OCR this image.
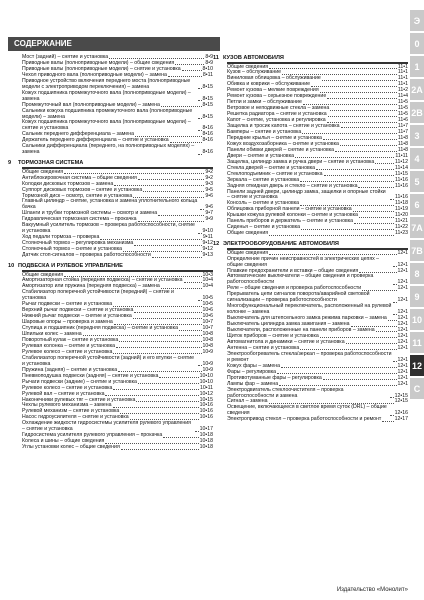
СОДЕРЖАНИЕ
Мост (задний) – снятие и установка	8•9
Приводные валы (полноприводные модели) – общие сведения	8•9
Приводные валы (полноприводные модели) – снятие и установка	8•10
Чехол приводного вала (полноприводные модели) – замена	8•11
Приводное устройство включения переднего моста (полноприводные модели с электроприводом переключения) – замена	8•15
Кожух подшипника промежуточного вала (полноприводные модели) – замена	8•15
Промежуточный вал (полноприводные модели) – замена	8•15
Сальники кожуха подшипника промежуточного вала (полноприводные модели) – замена	8•15
Кожух подшипника промежуточного вала (полноприводные модели) – снятие и установка	8•16
Сальник переднего дифференциала – замена	8•16
Держатель переднего дифференциала – снятие и установка	8•16
Сальники дифференциала (переднего, на полноприводных моделях) – замена	8•16
9	ТОРМОЗНАЯ СИСТЕМА
Общие сведения	9•2
Антиблокировочная система – общие сведения	9•2
Колодки дисковых тормозов – замена	9•3
Суппорт дисковых тормозов – снятие и установка	9•5
Тормозной диск – осмотр, снятие и установка	9•6
Главный цилиндр – снятие, установка и замена уплотнительного кольца бачка	9•6
Шланги и трубки тормозной системы – осмотр и замена	9•7
Гидравлическая тормозная система – прокачка	9•9
Вакуумный усилитель тормозов – проверка работоспособности, снятие и установка	9•10
Ход педали тормоза – проверка	9•11
Стояночный тормоз – регулировка механизма	9•12
Стояночный тормоз – снятие и установка	9•12
Датчик стоп-сигналов – проверка работоспособности	9•13
10 ПОДВЕСКА И РУЛЕВОЕ УПРАВЛЕНИЕ
Общие сведения	10•3
Амортизаторная стойка (передняя подвеска) – снятие и установка	10•4
Амортизатор или пружина (передняя подвеска) – замена	10•4
Стабилизатор поперечной устойчивости (передний) – снятие и установка	10•5
Рычаг подвески – снятие и установка	10•5
Верхний рычаг подвески – снятие и установка	10•6
Нижний рычаг подвески – снятие и установка	10•6
Шаровые опоры – проверка и замена	10•7
Ступица и подшипник (передняя подвеска) – снятие и установка	10•7
Шпильки колес – замена	10•8
Поворотный кулак – снятие и установка	10•8
Рулевая колонка – снятие и установка	10•8
Рулевое колесо – снятие и установка	10•9
Стабилизатор поперечной устойчивости (задний) и его втулки – снятие и установка	10•9
Пружина (задняя) – снятие и установка	10•9
Пневмоподушка подвески (задняя) – снятие и установка	10•10
Рычаги подвески (задние) – снятие и установка	10•10
Рулевое колесо – снятие и установка	10•11
Рулевой вал – снятие и установка	10•12
Наконечники рулевых тяг – снятие и установка	10•15
Чехлы рулевого механизма – замена	10•16
Рулевой механизм – снятие и установка	10•16
Насос гидроусилителя – снятие и установка	10•16
Охлаждение жидкости гидросистемы усилителя рулевого управления – снятие и установка	10•17
Гидросистема усилителя рулевого управления – прокачка	10•18
Колеса и шины – общие сведения	10•18
Углы установки колес – общие сведения	10•18
11 КУЗОВ АВТОМОБИЛЯ
Общие сведения	11•1
Кузов – обслуживание	11•1
Виниловая облицовка – обслуживание	11•1
Обивка и коврики – обслуживание	11•1
Ремонт кузова – мелкие повреждения	11•2
Ремонт кузова – серьезное повреждение	11•4
Петли и замки – обслуживание	11•5
Ветровое и неподвижные стекла – замена	11•5
Решетка радиатора – снятие и установка	11•5
Капот – снятие, установка и регулировка	11•6
Защелка и тросик капота – снятие и установка	11•7
Бамперы – снятие и установка	11•7
Передние крылья – снятие и установка	11•8
Кожух воздухозаборника – снятие и установка	11•8
Панели обивки дверей – снятие и установка	11•8
Двери – снятие и установка	11•11
Защелка, цилиндр замка и ручка двери – снятие и установка	11•12
Стекла дверей – снятие и установка	11•14
Стеклоподъемник – снятие и установка	11•15
Зеркала – снятие и установка	11•16
Задняя откидная дверь и стекло – снятие и установка	11•16
Панели задней двери, цилиндр замка, защелки и опорные стойки – снятие и установка	11•16
Консоль – снятие и установка	11•18
Облицовка приборной панели – снятие и установка	11•19
Крышки кожуха рулевой колонки – снятие и установка	11•20
Панель приборов и держатель – снятие и установка	11•21
Сиденья – снятие и установка	11•22
Общие сведения	11•23
12 ЭЛЕКТРООБОРУДОВАНИЕ АВТОМОБИЛЯ
Общие сведения	12•1
Определение причин неисправностей в электрических цепях – общие сведения	12•1
Плавкие предохранители и вставки – общие сведения	12•1
Автоматические выключатели – общие сведения и проверка работоспособности	12•1
Реле – общие сведения и проверка работоспособности	12•1
Прерыватель цепи сигналов поворота/аварийной световой сигнализации – проверка работоспособности	12•1
Многофункциональный переключатель, расположенный на рулевой колонке – замена	12•1
Выключатель для штепсельного замка режима парковки – замена 12•1
Выключатель цилиндра замка зажигания – замена	12•1
Выключатели, расположенные на панели приборов – замена	12•1
Щиток приборов – снятие и установка	12•1
Автомагнитола и динамики – снятие и установка	12•1
Антенна – снятие и установка	12•1
Электрообогреватель стекла/зеркал – проверка работоспособности и ремонт	12•1
Кожух фары – замена	12•1
Фары – регулировка	12•1
Противотуманные фары – регулировка	12•1
Лампы фар – замена	12•1
Электродвигатель стеклоочистителя – проверка работоспособности и замена	12•15
Сигнал – замена	12•15
Освещение, включающееся в светлое время суток (DRL) – общие сведения	12•16
Электропривод стекол – проверка работоспособности и ремонт	12•17
Э
0
1
2A
2B
3
4
5
6
7A
7B
8
9
10
11
12
C
Издательство «Монолит»
